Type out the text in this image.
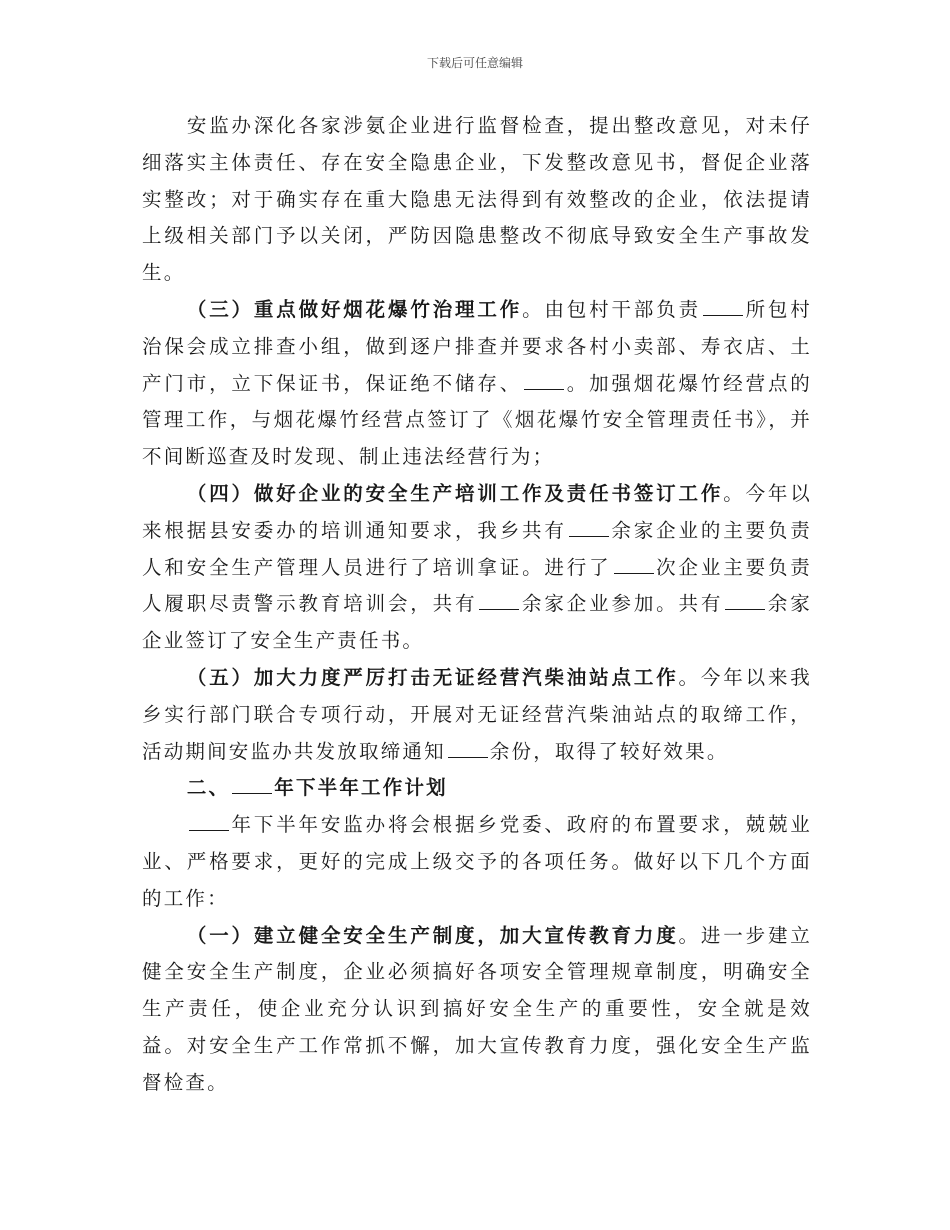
下载后可任意编辑

安监办深化各家涉氨企业进行监督检查，提出整改意见，对未仔细落实主体责任、存在安全隐患企业，下发整改意见书，督促企业落实整改；对于确实存在重大隐患无法得到有效整改的企业，依法提请上级相关部门予以关闭，严防因隐患整改不彻底导致安全生产事故发生。

（三）重点做好烟花爆竹治理工作。由包村干部负责 所包村治保会成立排查小组，做到逐户排查并要求各村小卖部、寿衣店、土产门市，立下保证书，保证绝不储存、 。加强烟花爆竹经营点的管理工作，与烟花爆竹经营点签订了《烟花爆竹安全管理责任书》，并不间断巡查及时发现、制止违法经营行为；

（四）做好企业的安全生产培训工作及责任书签订工作。今年以来根据县安委办的培训通知要求，我乡共有 余家企业的主要负责人和安全生产管理人员进行了培训拿证。进行了 次企业主要负责人履职尽责警示教育培训会，共有 余家企业参加。共有 余家企业签订了安全生产责任书。

（五）加大力度严厉打击无证经营汽柴油站点工作。今年以来我乡实行部门联合专项行动，开展对无证经营汽柴油站点的取缔工作，活动期间安监办共发放取缔通知 余份，取得了较好效果。

二、 年下半年工作计划

年下半年安监办将会根据乡党委、政府的布置要求，兢兢业业、严格要求，更好的完成上级交予的各项任务。做好以下几个方面的工作：

（一）建立健全安全生产制度，加大宣传教育力度。进一步建立健全安全生产制度，企业必须搞好各项安全管理规章制度，明确安全生产责任，使企业充分认识到搞好安全生产的重要性，安全就是效益。对安全生产工作常抓不懈，加大宣传教育力度，强化安全生产监督检查。
